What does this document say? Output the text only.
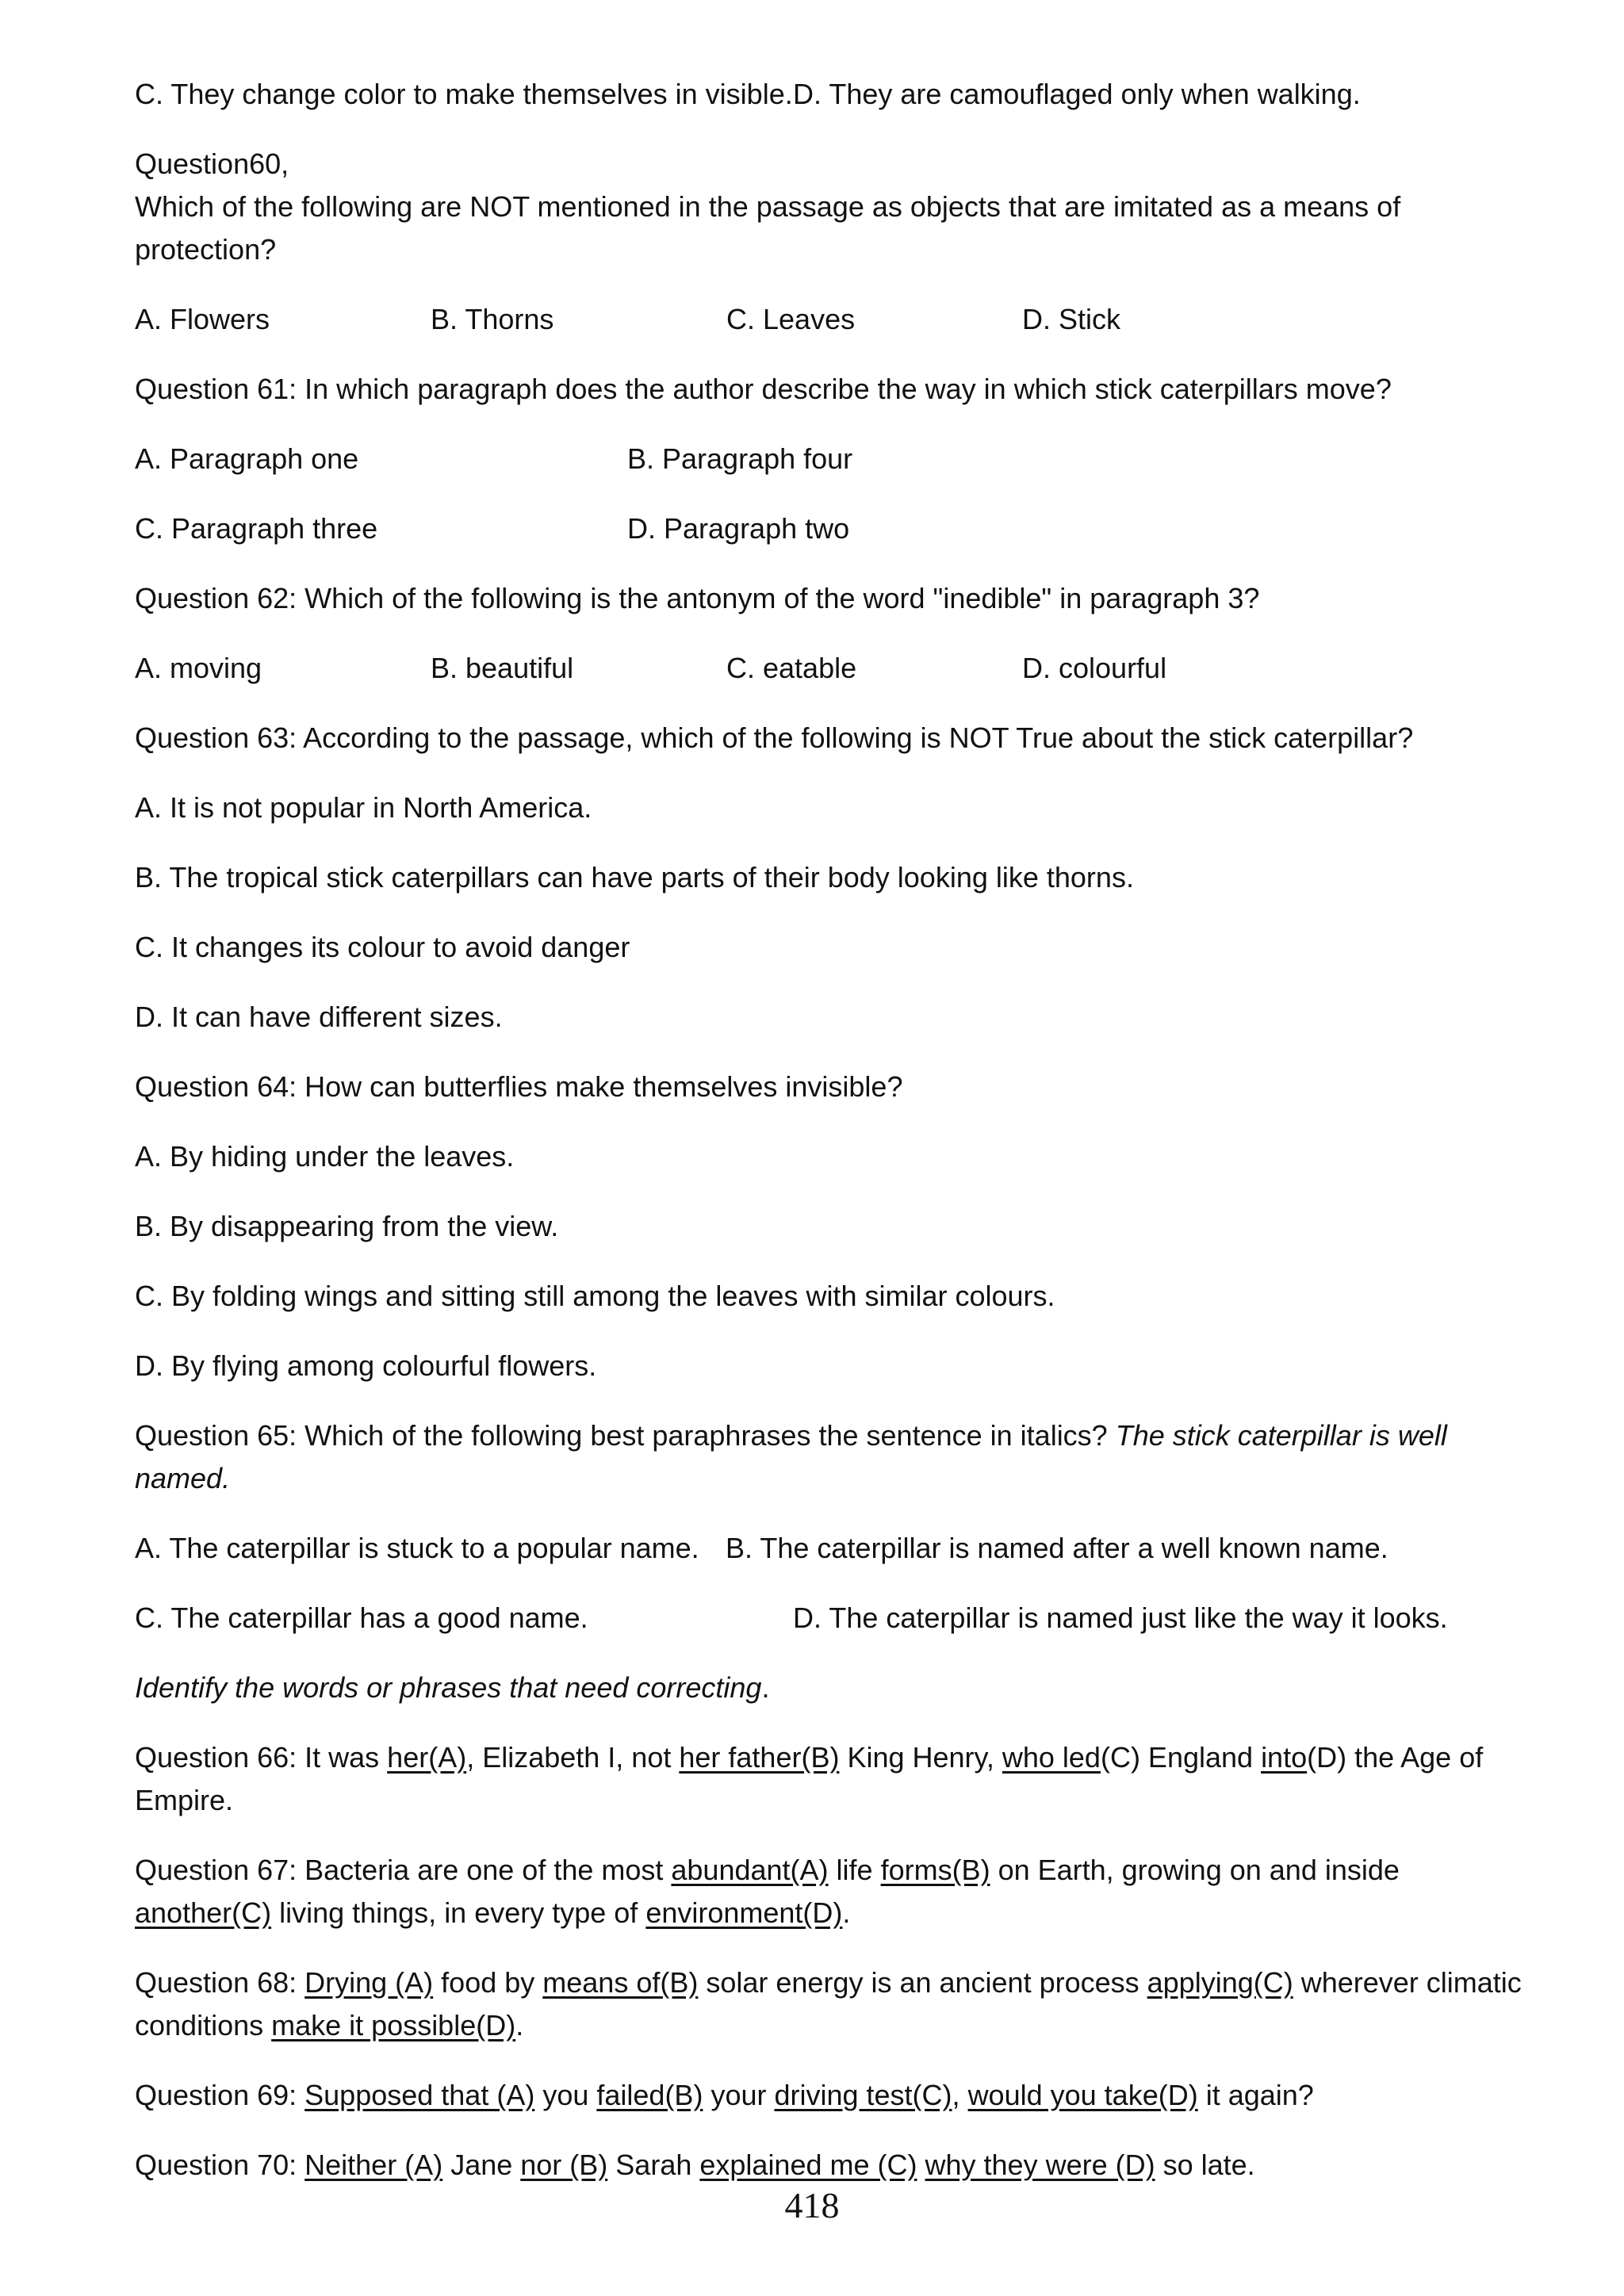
C. They change color to make themselves in visible. D. They are camouflaged only when walking.
Question60,
Which of the following are NOT mentioned in the passage as objects that are imitated as a means of protection?
A. Flowers	B. Thorns	C. Leaves	D. Stick
Question 61: In which paragraph does the author describe the way in which stick caterpillars move?
A. Paragraph one	B. Paragraph four
C. Paragraph three	D. Paragraph two
Question 62: Which of the following is the antonym of the word "inedible" in paragraph 3?
A. moving	B. beautiful	C. eatable	D. colourful
Question 63: According to the passage, which of the following is NOT True about the stick caterpillar?
A. It is not popular in North America.
B. The tropical stick caterpillars can have parts of their body looking like thorns.
C. It changes its colour to avoid danger
D. It can have different sizes.
Question 64: How can butterflies make themselves invisible?
A. By hiding under the leaves.
B. By disappearing from the view.
C. By folding wings and sitting still among the leaves with similar colours.
D. By flying among colourful flowers.
Question 65: Which of the following best paraphrases the sentence in italics? The stick caterpillar is well named.
A. The caterpillar is stuck to a popular name. B. The caterpillar is named after a well known name.
C. The caterpillar has a good name.	D. The caterpillar is named just like the way it looks.
Identify the words or phrases that need correcting.
Question 66: It was her(A), Elizabeth I, not her father(B) King Henry, who led(C) England into(D) the Age of Empire.
Question 67: Bacteria are one of the most abundant(A) life forms(B) on Earth, growing on and inside another(C) living things, in every type of environment(D).
Question 68: Drying (A) food by means of(B) solar energy is an ancient process applying(C) wherever climatic conditions make it possible(D).
Question 69: Supposed that (A) you failed(B) your driving test(C), would you take(D) it again?
Question 70: Neither (A) Jane nor (B) Sarah explained me (C) why they were (D) so late.
418
